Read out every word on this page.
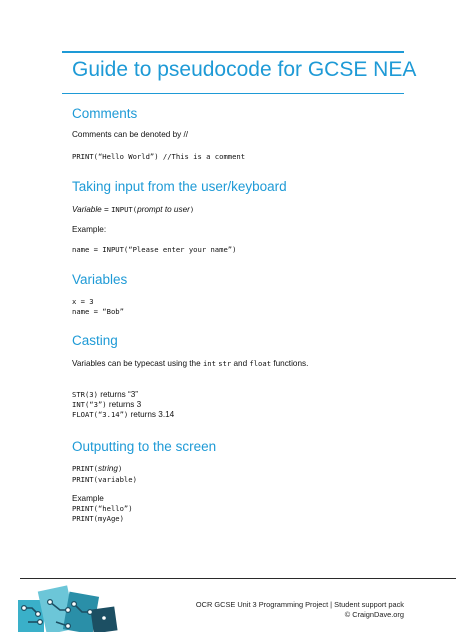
Guide to pseudocode for GCSE NEA
Comments
Comments can be denoted by //
PRINT(“Hello World”) //This is a comment
Taking input from the user/keyboard
Variable = INPUT(prompt to user)
Example:
name = INPUT(“Please enter your name”)
Variables
x = 3
name = “Bob”
Casting
Variables can be typecast using the int str and float functions.
STR(3) returns “3”
INT(“3”) returns 3
FLOAT(“3.14”) returns 3.14
Outputting to the screen
PRINT(string)
PRINT(variable)
Example
PRINT(“hello”)
PRINT(myAge)
OCR GCSE Unit 3 Programming Project | Student support pack
© CraignDave.org
